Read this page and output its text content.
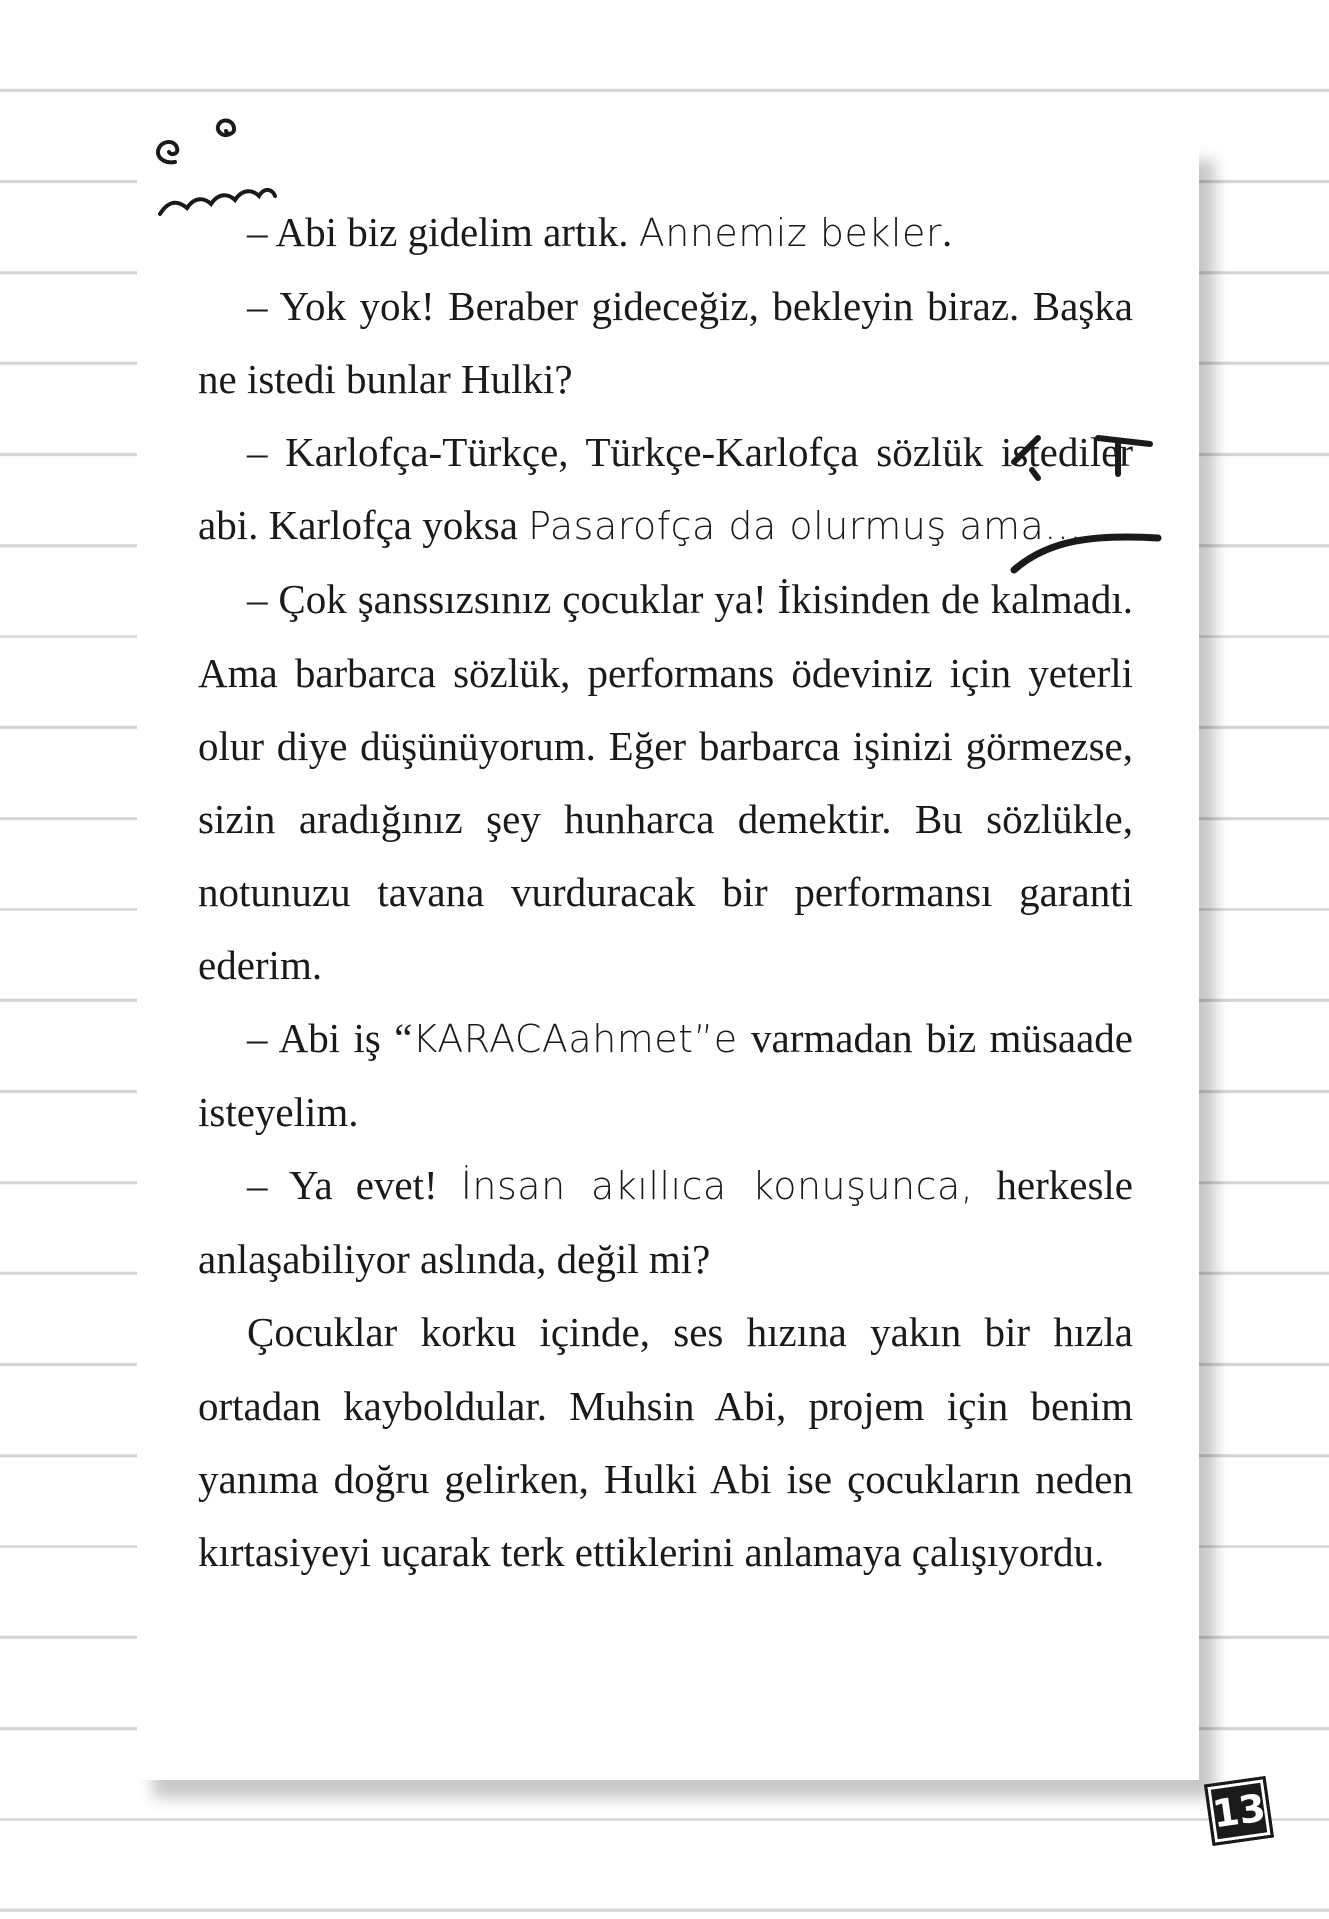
– Abi biz gidelim artık. Annemiz bekler.

– Yok yok! Beraber gideceğiz, bekleyin biraz. Başka ne istedi bunlar Hulki?

– Karlofça-Türkçe, Türkçe-Karlofça sözlük istediler abi. Karlofça yoksa Pasarofça da olurmuş ama...

– Çok şanssızsınız çocuklar ya! İkisinden de kalmadı. Ama barbarca sözlük, performans ödeviniz için yeterli olur diye düşünüyorum. Eğer barbarca işinizi görmezse, sizin aradığınız şey hunharca demektir. Bu sözlükle, notunuzu tavana vurduracak bir performansı garanti ederim.

– Abi iş “KARACAahmet”e varmadan biz müsaade isteyelim.

– Ya evet! İnsan akıllıca konuşunca, herkesle anlaşabiliyor aslında, değil mi?

Çocuklar korku içinde, ses hızına yakın bir hızla ortadan kayboldular. Muhsin Abi, projem için benim yanıma doğru gelirken, Hulki Abi ise çocukların neden kırtasiyeyi uçarak terk ettiklerini anlamaya çalışıyordu.

13
